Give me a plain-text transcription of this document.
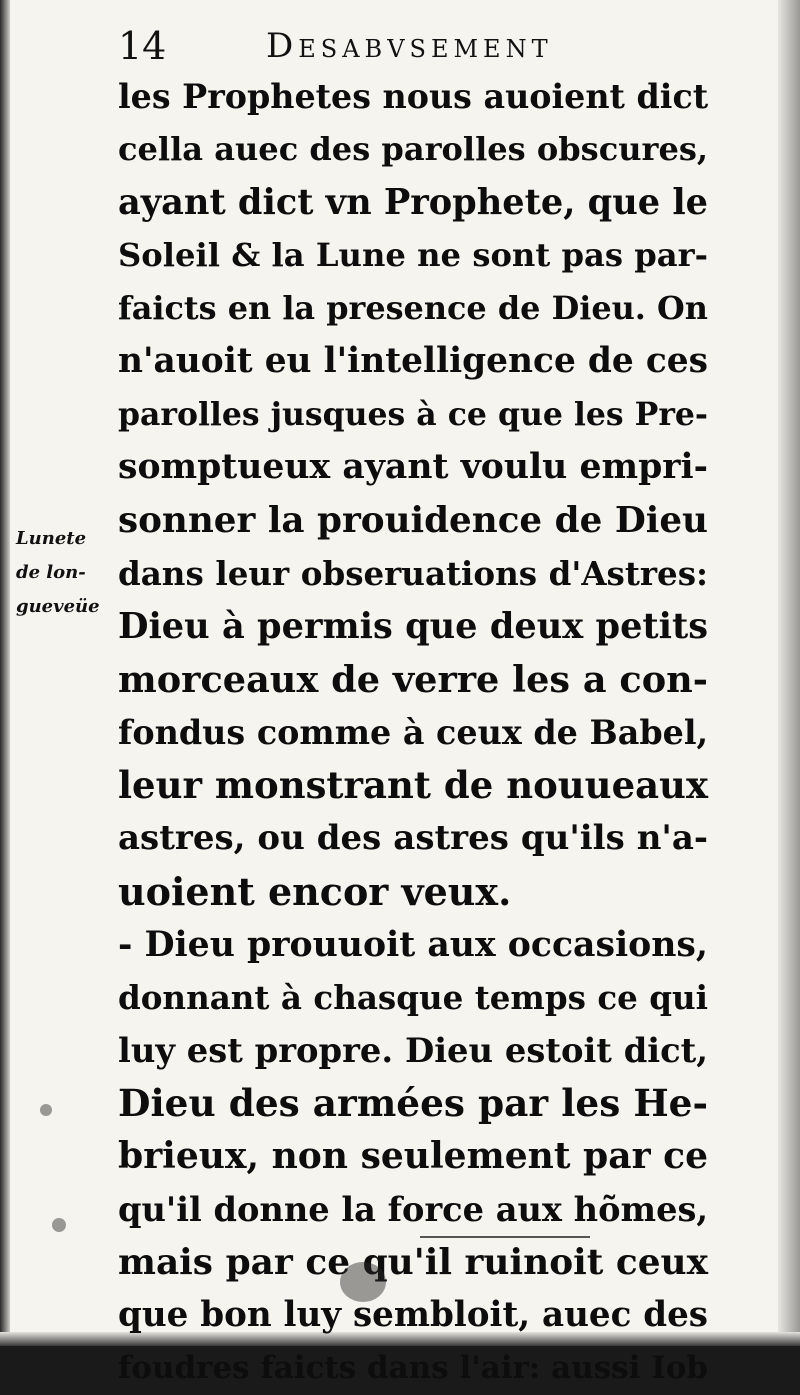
14	Desabvsement
Lunete
de lon-
gueveüe
les Prophetes nous auoient dict
cella auec des parolles obscures,
ayant dict vn Prophete, que le
Soleil & la Lune ne sont pas par-
faicts en la presence de Dieu. On
n'auoit eu l'intelligence de ces
parolles jusques à ce que les Pre-
somptueux ayant voulu empri-
sonner la prouidence de Dieu
dans leur obseruations d'Astres:
Dieu à permis que deux petits
morceaux de verre les a con-
fondus comme à ceux de Babel,
leur monstrant de nouueaux
astres, ou des astres qu'ils n'a-
uoient encor veux.
- Dieu prouuoit aux occasions,
donnant à chasque temps ce qui
luy est propre. Dieu estoit dict,
Dieu des armées par les He-
brieux, non seulement par ce
qu'il donne la force aux hõmes,
mais par ce qu'il ruinoit ceux
que bon luy sembloit, auec des
foudres faicts dans l'air: aussi Iob
